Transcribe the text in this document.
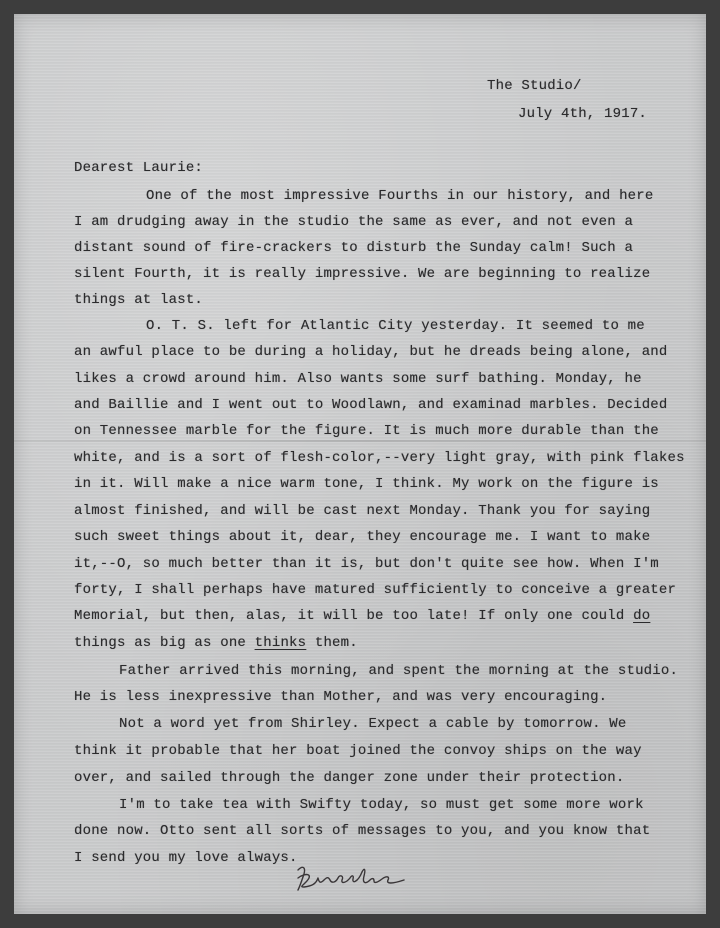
The Studio/
July 4th, 1917.
Dearest Laurie:
One of the most impressive Fourths in our history, and here
I am drudging away in the studio the same as ever, and not even a
distant sound of fire-crackers to disturb the Sunday calm! Such a
silent Fourth, it is really impressive. We are beginning to realize
things at last.
O. T. S. left for Atlantic City yesterday. It seemed to me
an awful place to be during a holiday, but he dreads being alone, and
likes a crowd around him. Also wants some surf bathing. Monday, he
and Baillie and I went out to Woodlawn, and examinad marbles. Decided
on Tennessee marble for the figure. It is much more durable than the
white, and is a sort of flesh-color,--very light gray, with pink flakes
in it. Will make a nice warm tone, I think. My work on the figure is
almost finished, and will be cast next Monday. Thank you for saying
such sweet things about it, dear, they encourage me. I want to make
it,--O, so much better than it is, but don't quite see how. When I'm
forty, I shall perhaps have matured sufficiently to conceive a greater
Memorial, but then, alas, it will be too late! If only one could do
things as big as one thinks them.
Father arrived this morning, and spent the morning at the studio.
He is less inexpressive than Mother, and was very encouraging.
Not a word yet from Shirley. Expect a cable by tomorrow. We
think it probable that her boat joined the convoy ships on the way
over, and sailed through the danger zone under their protection.
I'm to take tea with Swifty today, so must get some more work
done now. Otto sent all sorts of messages to you, and you know that
I send you my love always.
